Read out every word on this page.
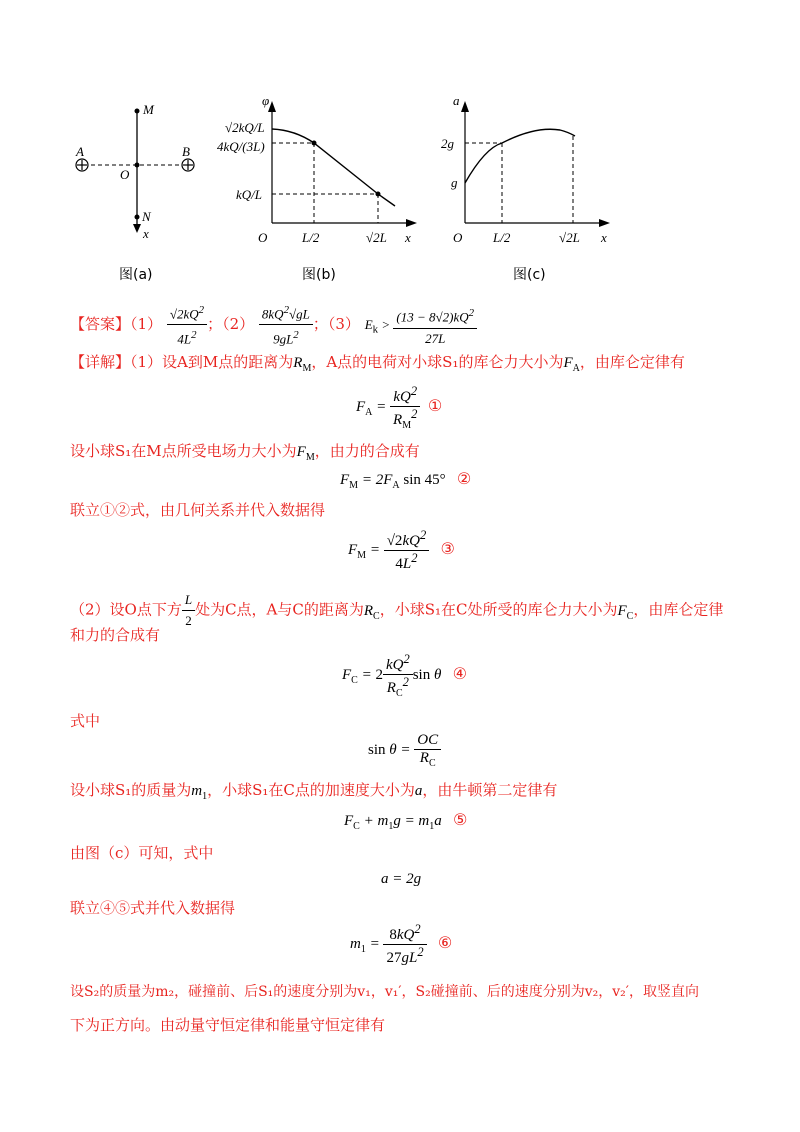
M
A	B
O
N
x
图(a)
φ
x
O
√2kQ/L
4kQ/(3L)
kQ/L
L/2	√2L
图(b)
a
x
O
2g
g
L/2	√2L
图(c)
【答案】$(1) \frac{√2kQ^2}{4L^2}$ ；$(2) \frac{8kQ^2√gL}{9gL^2}$ ；（3） $E_k > \frac{(13 - 8√2)kQ^2}{27L}$
【详解】（1）设A到M点的距离为$R_M$，A点的电荷对小球S₁的库仑力大小为$F_A$，由库仑定律有
$F_A = \frac{kQ^2}{R_M^2}$ ①
设小球S₁在M点所受电场力大小为$F_M$，由力的合成有
$F_M = 2F_A$ sin 45° ②
联立①②式，由几何关系并代入数据得
$F_M = \frac{√2kQ^2}{4L^2}$ ③
（2）设O点下方 $\frac{L}{2}$ 处为C点，A与C的距离为$R_C$，小球S₁在C处所受的库仑力大小为$F_C$，由库仑定律
和力的合成有
$F_C = 2 \frac{kQ^2}{R_C^2}$ sin θ   ④
式中
$\sin \theta = \frac{OC}{R_C}$
设小球S₁的质量为$m_1$，小球S₁在C点的加速度大小为a，由牛顿第二定律有
$F_C + m_1g = m_1a$   ⑤
由图（c）可知，式中
a = 2g
联立④⑤式并代入数据得
$m_1 = \frac{8kQ^2}{27gL^2}$ ⑥
设S₂的质量为m₂，碰撞前、后S₁的速度分别为v₁，v₁′，S₂碰撞前、后的速度分别为v₂，v₂′，取竖直向
下为正方向。由动量守恒定律和能量守恒定律有
